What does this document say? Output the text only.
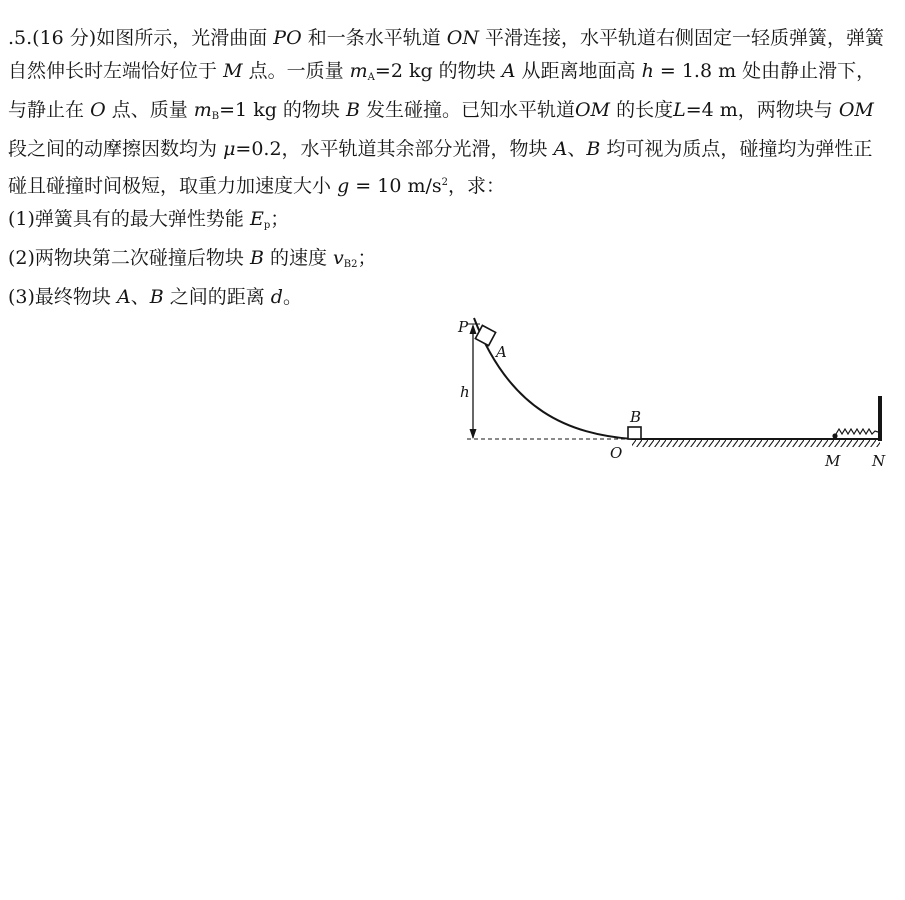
.5.(16 分)如图所示，光滑曲面 PO 和一条水平轨道 ON 平滑连接，水平轨道右侧固定一轻质弹簧，弹簧自然伸长时左端恰好位于 M 点。一质量 $m_A=2$ kg 的物块 A 从距离地面高 h = 1.8 m 处由静止滑下，与静止在 O 点、质量 $m_B=1$ kg 的物块 B 发生碰撞。已知水平轨道OM 的长度L=4 m，两物块与 OM 段之间的动摩擦因数均为 μ=0.2，水平轨道其余部分光滑，物块 A、B 均可视为质点，碰撞均为弹性正碰且碰撞时间极短，取重力加速度大小 g = 10 $m/s^2$，求：

(1)弹簧具有的最大弹性势能 $E_p$；

(2)两物块第二次碰撞后物块 B 的速度 $v_{B2}$；

(3)最终物块 A、B 之间的距离 d。

P
A
h
B
O	M N
